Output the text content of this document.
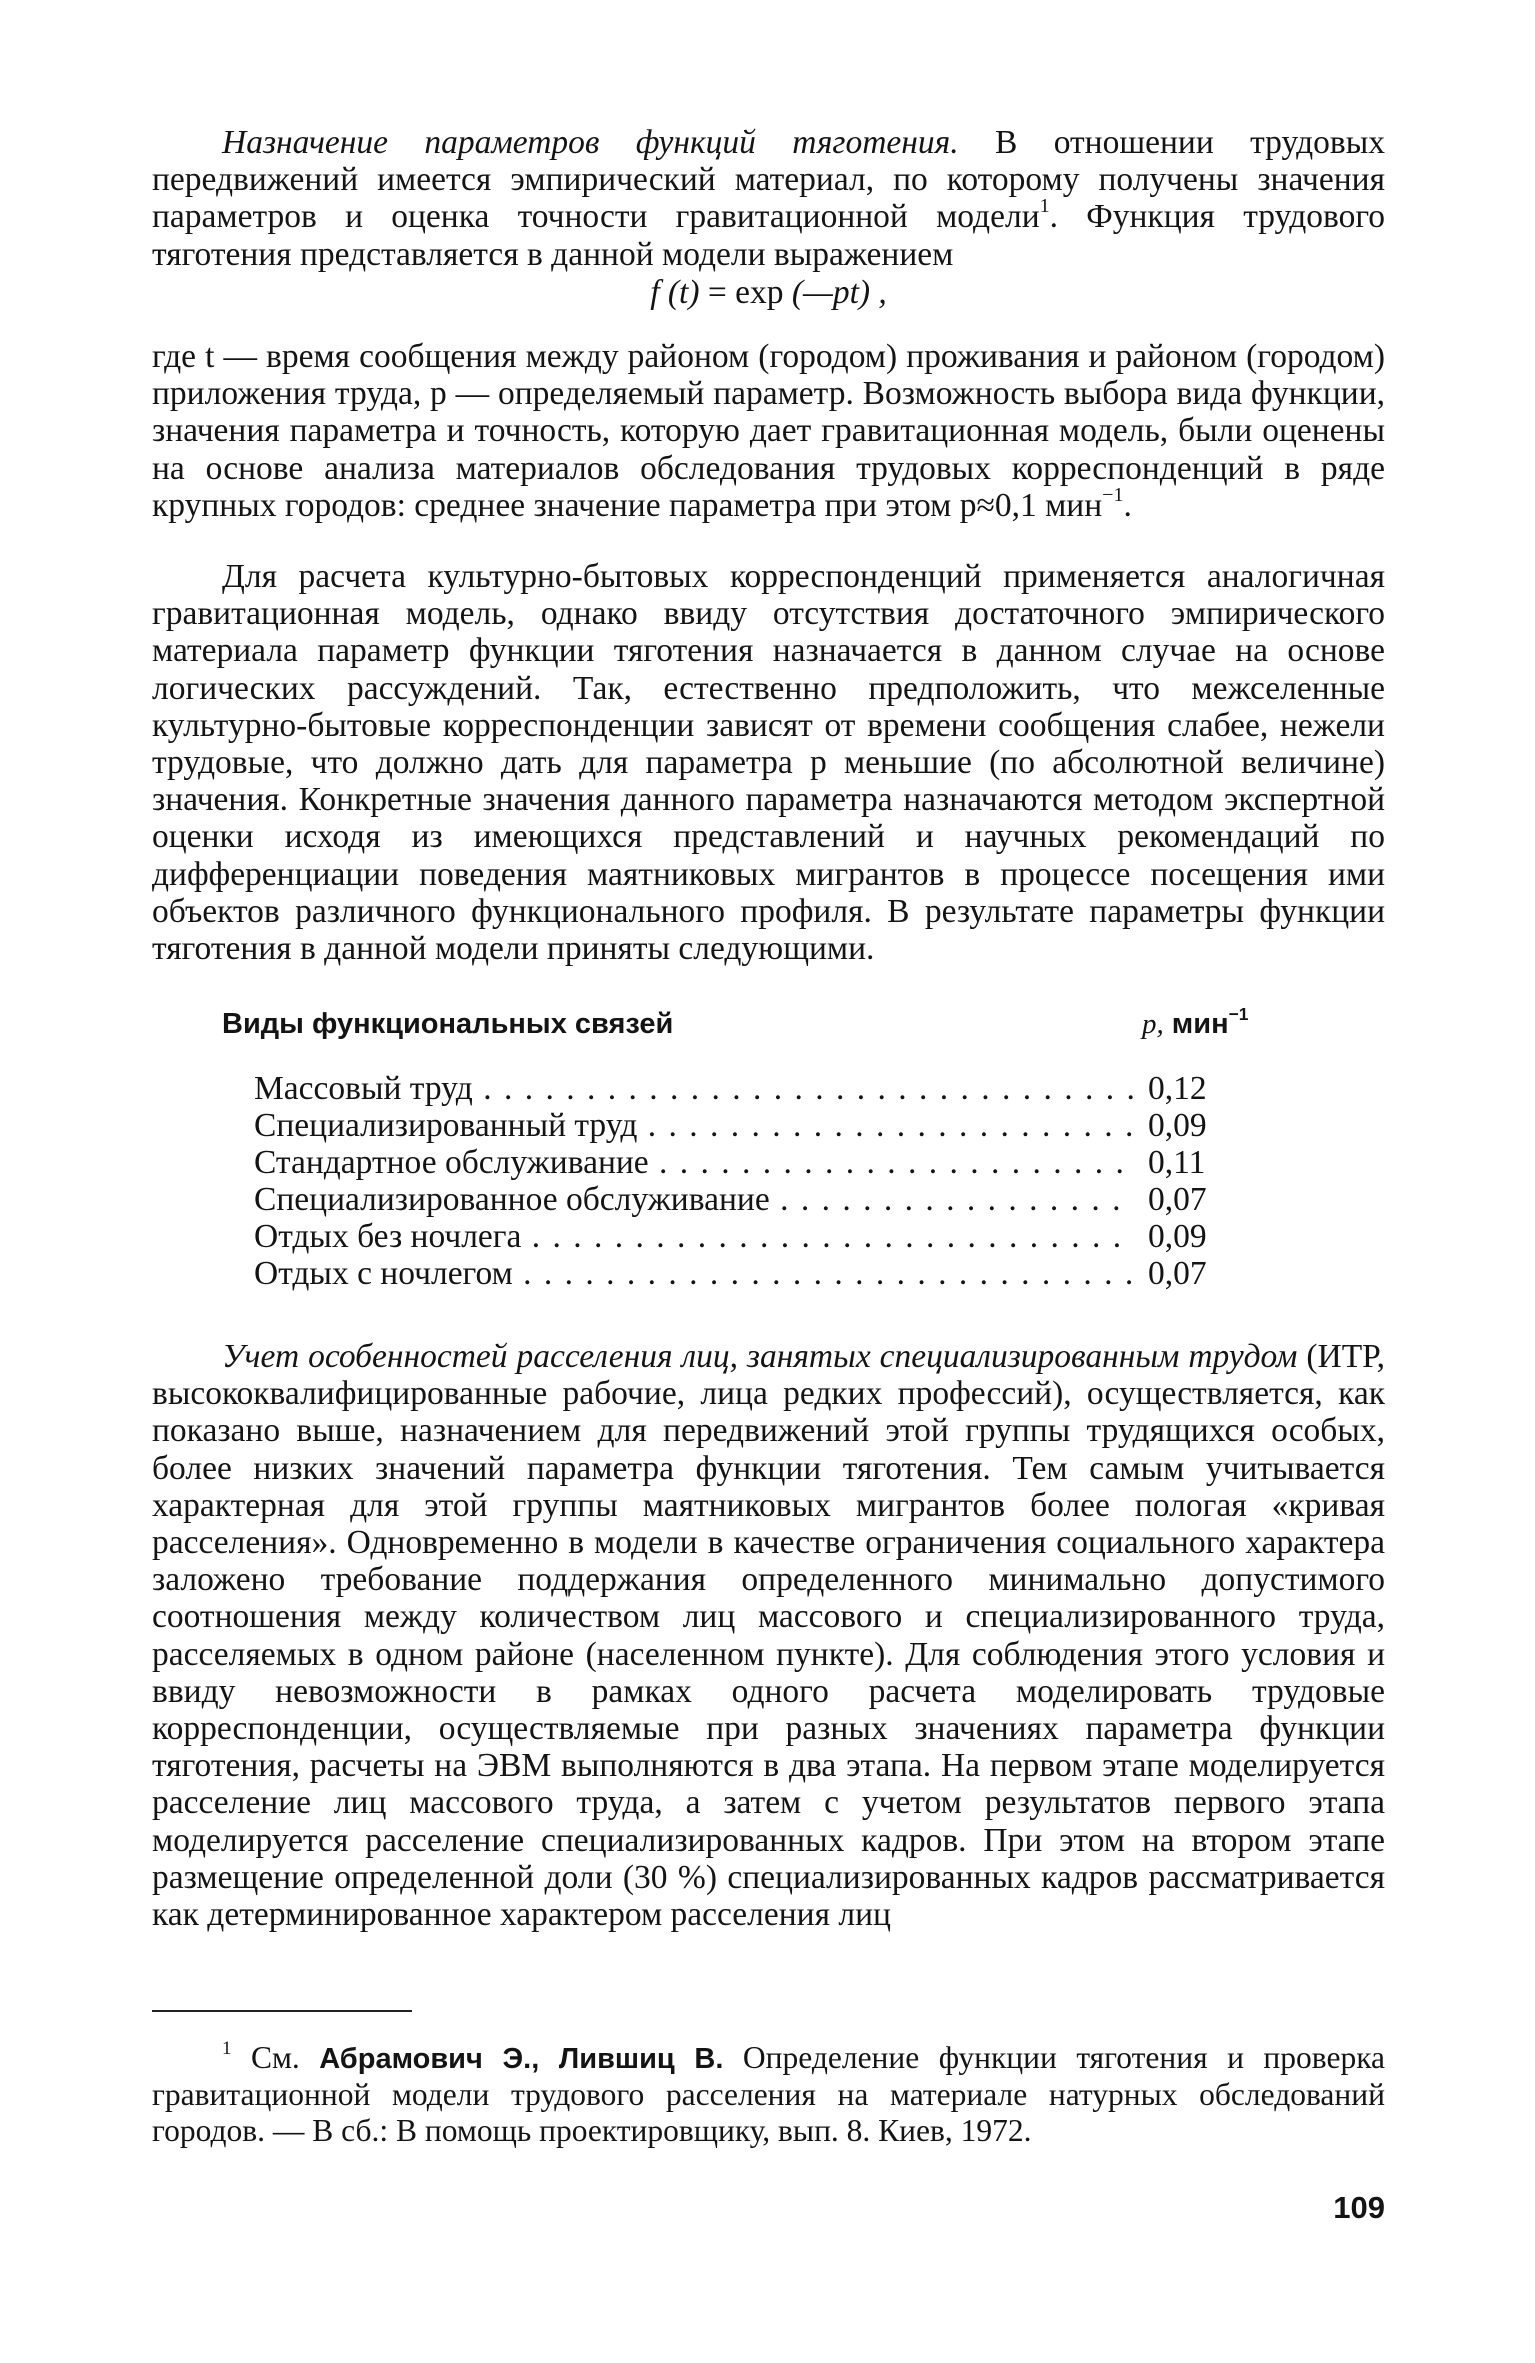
Назначение параметров функций тяготения. В отношении трудовых передвижений имеется эмпирический материал, по которому получены значения параметров и оценка точности гравитационной модели$^1$. Функция трудового тяготения представляется в данной модели выражением

f (t) = exp (—pt) ,

где t — время сообщения между районом (городом) проживания и районом (городом) приложения труда, p — определяемый параметр. Возможность выбора вида функции, значения параметра и точность, которую дает гравитационная модель, были оценены на основе анализа материалов обследования трудовых корреспонденций в ряде крупных городов: среднее значение параметра при этом p≈0,1 мин$^{-1}$.

Для расчета культурно-бытовых корреспонденций применяется аналогичная гравитационная модель, однако ввиду отсутствия достаточного эмпирического материала параметр функции тяготения назначается в данном случае на основе логических рассуждений. Так, естественно предположить, что межселенные культурно-бытовые корреспонденции зависят от времени сообщения слабее, нежели трудовые, что должно дать для параметра p меньшие (по абсолютной величине) значения. Конкретные значения данного параметра назначаются методом экспертной оценки исходя из имеющихся представлений и научных рекомендаций по дифференциации поведения маятниковых мигрантов в процессе посещения ими объектов различного функционального профиля. В результате параметры функции тяготения в данной модели приняты следующими.

Виды функциональных связей	p, мин$^{-1}$
Массовый труд . . .	0,12
Специализированный труд . . .	0,09
Стандартное обслуживание . . .	0,11
Специализированное обслуживание . . .	0,07
Отдых без ночлега . . .	0,09
Отдых с ночлегом . . .	0,07

Учет особенностей расселения лиц, занятых специализированным трудом (ИТР, высококвалифицированные рабочие, лица редких профессий), осуществляется, как показано выше, назначением для передвижений этой группы трудящихся особых, более низких значений параметра функции тяготения. Тем самым учитывается характерная для этой группы маятниковых мигрантов более пологая «кривая расселения». Одновременно в модели в качестве ограничения социального характера заложено требование поддержания определенного минимально допустимого соотношения между количеством лиц массового и специализированного труда, расселяемых в одном районе (населенном пункте). Для соблюдения этого условия и ввиду невозможности в рамках одного расчета моделировать трудовые корреспонденции, осуществляемые при разных значениях параметра функции тяготения, расчеты на ЭВМ выполняются в два этапа. На первом этапе моделируется расселение лиц массового труда, а затем с учетом результатов первого этапа моделируется расселение специализированных кадров. При этом на втором этапе размещение определенной доли (30 %) специализированных кадров рассматривается как детерминированное характером расселения лиц

$^1$ См. Абрамович Э., Лившиц В. Определение функции тяготения и проверка гравитационной модели трудового расселения на материале натурных обследований городов. — В сб.: В помощь проектировщику, вып. 8. Киев, 1972.

109
